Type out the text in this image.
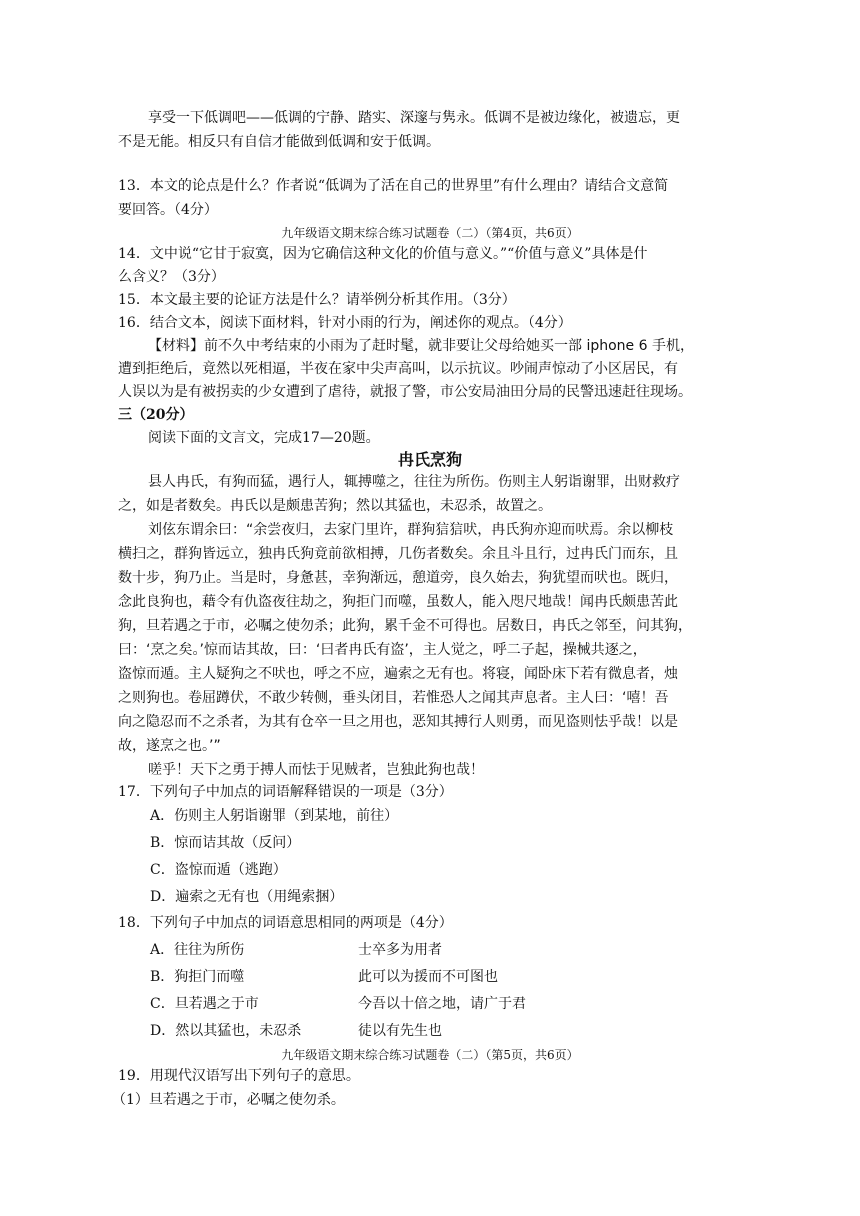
享受一下低调吧——低调的宁静、踏实、深邃与隽永。低调不是被边缘化，被遗忘，更
不是无能。相反只有自信才能做到低调和安于低调。
13．本文的论点是什么？作者说“低调为了活在自己的世界里”有什么理由？请结合文意简
要回答。（4分）
九年级语文期末综合练习试题卷（二）（第4页，共6页）
14．文中说“它甘于寂寞，因为它确信这种文化的价值与意义。”“价值与意义”具体是什
么含义？（3分）
15．本文最主要的论证方法是什么？请举例分析其作用。（3分）
16．结合文本，阅读下面材料，针对小雨的行为，阐述你的观点。（4分）
【材料】前不久中考结束的小雨为了赶时髦，就非要让父母给她买一部 iphone 6 手机，
遭到拒绝后，竟然以死相逼，半夜在家中尖声高叫，以示抗议。吵闹声惊动了小区居民，有
人误以为是有被拐卖的少女遭到了虐待，就报了警，市公安局油田分局的民警迅速赶往现场。
三（20分）
阅读下面的文言文，完成17—20题。
冉氏烹狗
县人冉氏，有狗而猛，遇行人，辄搏噬之，往往为所伤。伤则主人躬诣谢罪，出财救疗
之，如是者数矣。冉氏以是颇患苦狗；然以其猛也，未忍杀，故置之。
刘伭东谓余曰：“余尝夜归，去家门里许，群狗狺狺吠，冉氏狗亦迎而吠焉。余以柳枝
横扫之，群狗皆远立，独冉氏狗竟前欲相搏，几伤者数矣。余且斗且行，过冉氏门而东，且
数十步，狗乃止。当是时，身惫甚，幸狗渐远，憩道旁，良久始去，狗犹望而吠也。既归，
念此良狗也，藉令有仇盗夜往劫之，狗拒门而噬，虽数人，能入咫尺地哉！闻冉氏颇患苦此
狗，旦若遇之于市，必嘱之使勿杀；此狗，累千金不可得也。居数日，冉氏之邻至，问其狗，
曰：‘烹之矣。’惊而诘其故，曰：‘曰者冉氏有盗’，主人觉之，呼二子起，操械共逐之，
盗惊而遁。主人疑狗之不吠也，呼之不应，遍索之无有也。将寝，闻卧床下若有微息者，烛
之则狗也。卷屈蹲伏，不敢少转侧，垂头闭目，若惟恐人之闻其声息者。主人曰：‘嘻！吾
向之隐忍而不之杀者，为其有仓卒一旦之用也，恶知其搏行人则勇，而见盗则怯乎哉！以是
故，遂烹之也。’”
嗟乎！天下之勇于搏人而怯于见贼者，岂独此狗也哉！
17．下列句子中加点的词语解释错误的一项是（3分）
A．伤则主人躬诣谢罪（到某地，前往）
B．惊而诘其故（反问）
C．盗惊而遁（逃跑）
D．遍索之无有也（用绳索捆）
18．下列句子中加点的词语意思相同的两项是（4分）
A．往往为所伤	士卒多为用者
B．狗拒门而噬	此可以为援而不可图也
C．旦若遇之于市	今吾以十倍之地，请广于君
D．然以其猛也，未忍杀	徒以有先生也
九年级语文期末综合练习试题卷（二）（第5页，共6页）
19．用现代汉语写出下列句子的意思。
（1）旦若遇之于市，必嘱之使勿杀。
